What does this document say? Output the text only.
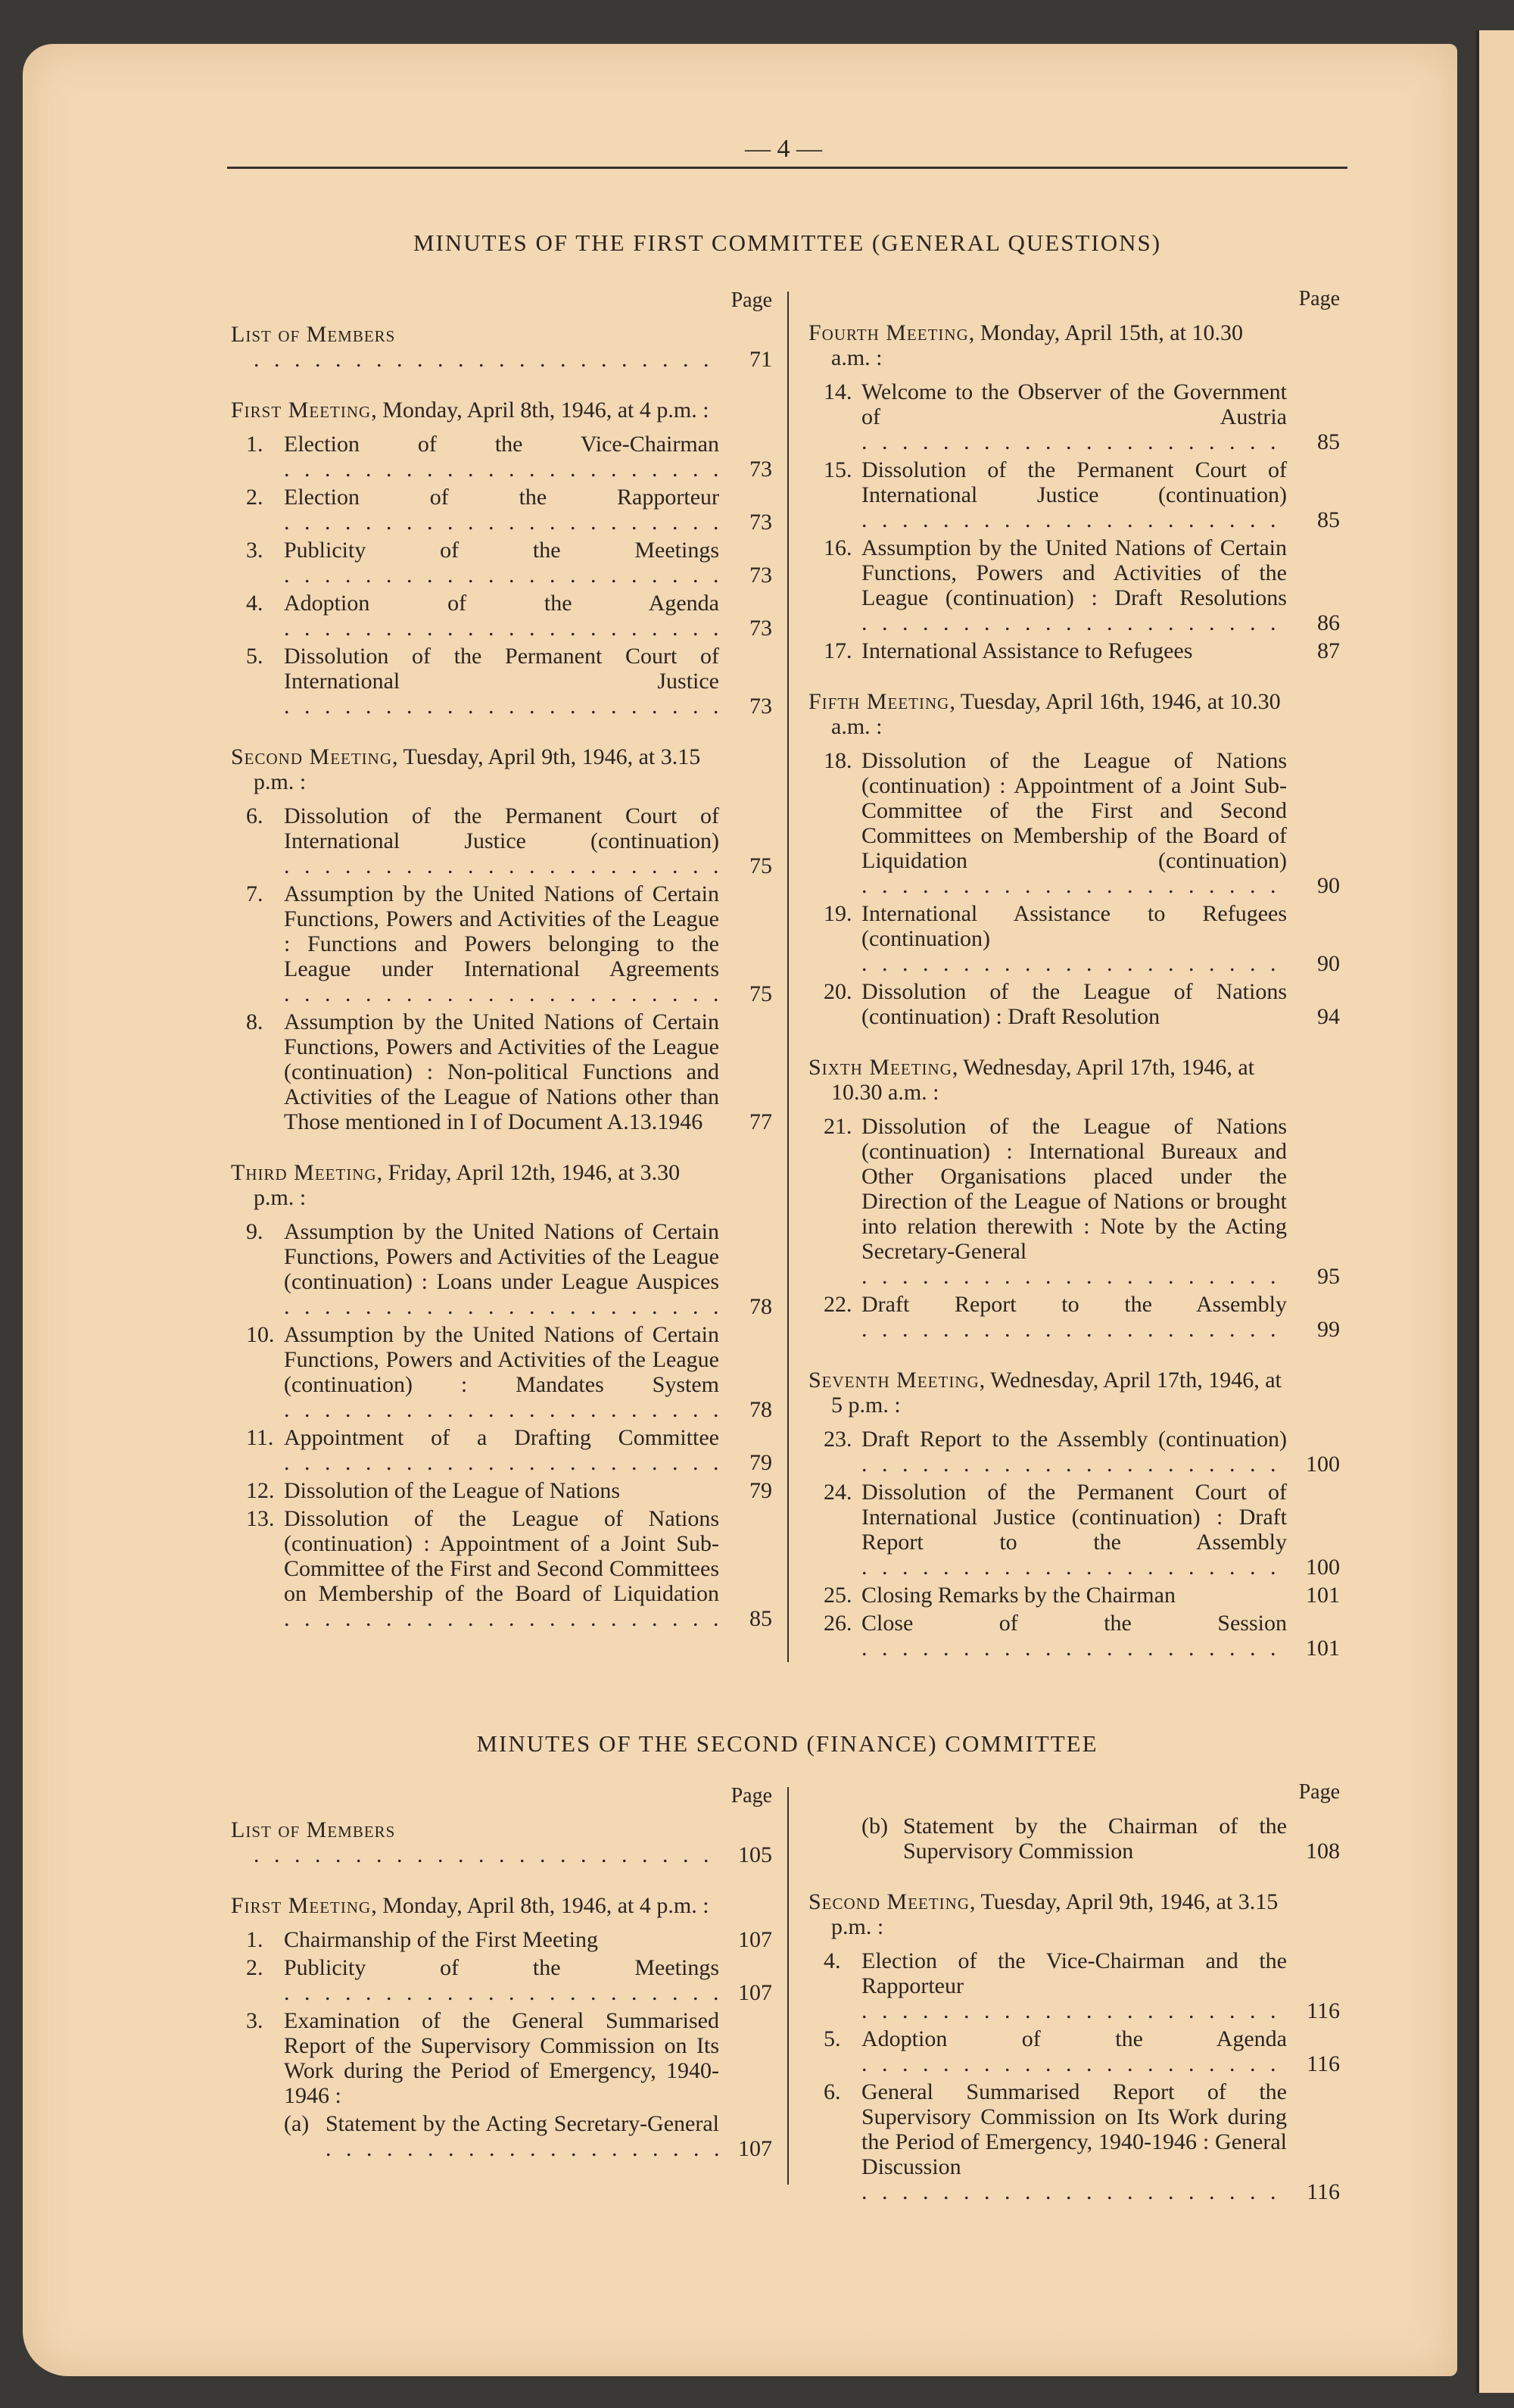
— 4 —
MINUTES OF THE FIRST COMMITTEE (GENERAL QUESTIONS)
Page
List of Members . . .
71
First Meeting, Monday, April 8th, 1946, at 4 p.m. :
1. Election of the Vice-Chairman . . .
73
2. Election of the Rapporteur . . .
73
3. Publicity of the Meetings . . .
73
4. Adoption of the Agenda . . .
73
5. Dissolution of the Permanent Court of International Justice . . .
73
Second Meeting, Tuesday, April 9th, 1946, at 3.15 p.m. :
6. Dissolution of the Permanent Court of International Justice (continuation) . . .
75
7. Assumption by the United Nations of Certain Functions, Powers and Activities of the League : Functions and Powers belonging to the League under International Agreements . . .
75
8. Assumption by the United Nations of Certain Functions, Powers and Activities of the League (continuation) : Non-political Functions and Activities of the League of Nations other than Those mentioned in I of Document A.13.1946	77
Third Meeting, Friday, April 12th, 1946, at 3.30 p.m. :
9. Assumption by the United Nations of Certain Functions, Powers and Activities of the League (continuation) : Loans under League Auspices . . .
78
10. Assumption by the United Nations of Certain Functions, Powers and Activities of the League (continuation) : Mandates System . . .
78
11. Appointment of a Drafting Committee . . .
79
12. Dissolution of the League of Nations	79
13. Dissolution of the League of Nations (continuation) : Appointment of a Joint Sub-Committee of the First and Second Committees on Membership of the Board of Liquidation . . .
85
Page
Fourth Meeting, Monday, April 15th, at 10.30 a.m. :
14. Welcome to the Observer of the Government of Austria . . .
85
15. Dissolution of the Permanent Court of International Justice (continuation) . . .
85
16. Assumption by the United Nations of Certain Functions, Powers and Activities of the League (continuation) : Draft Resolutions . . .
86
17. International Assistance to Refugees	87
Fifth Meeting, Tuesday, April 16th, 1946, at 10.30 a.m. :
18. Dissolution of the League of Nations (continuation) : Appointment of a Joint Sub-Committee of the First and Second Committees on Membership of the Board of Liquidation (continuation) . . .
90
19. International Assistance to Refugees (continuation) . . .
90
20. Dissolution of the League of Nations (continuation) : Draft Resolution	94
Sixth Meeting, Wednesday, April 17th, 1946, at 10.30 a.m. :
21. Dissolution of the League of Nations (continuation) : International Bureaux and Other Organisations placed under the Direction of the League of Nations or brought into relation therewith : Note by the Acting Secretary-General . . .
95
22. Draft Report to the Assembly . . .
99
Seventh Meeting, Wednesday, April 17th, 1946, at 5 p.m. :
23. Draft Report to the Assembly (continuation) . . .
100
24. Dissolution of the Permanent Court of International Justice (continuation) : Draft Report to the Assembly . . .
100
25. Closing Remarks by the Chairman	101
26. Close of the Session . . .
101
MINUTES OF THE SECOND (FINANCE) COMMITTEE
Page
List of Members . . .
105
First Meeting, Monday, April 8th, 1946, at 4 p.m. :
1. Chairmanship of the First Meeting	107
2. Publicity of the Meetings . . .
107
3. Examination of the General Summarised Report of the Supervisory Commission on Its Work during the Period of Emergency, 1940-1946 :
(a) Statement by the Acting Secretary-General . . .
107
Page
(b) Statement by the Chairman of the Supervisory Commission	108
Second Meeting, Tuesday, April 9th, 1946, at 3.15 p.m. :
4. Election of the Vice-Chairman and the Rapporteur . . .
116
5. Adoption of the Agenda . . .
116
6. General Summarised Report of the Supervisory Commission on Its Work during the Period of Emergency, 1940-1946 : General Discussion . . .
116
